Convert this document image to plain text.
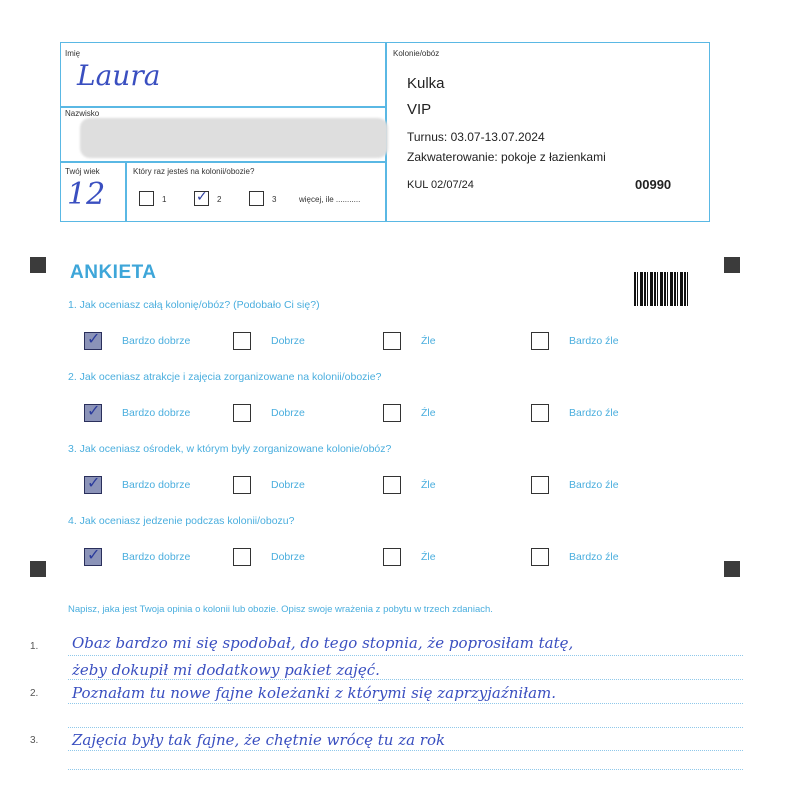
Imię
Laura
Nazwisko
Twój wiek
12
Który raz jesteś na kolonii/obozie?
1
✓	2	3	więcej, ile ...........
Kolonie/obóz
Kulka
VIP
Turnus: 03.07-13.07.2024
Zakwaterowanie: pokoje z łazienkami
KUL 02/07/24	00990
ANKIETA
1. Jak oceniasz całą kolonię/obóz? (Podobało Ci się?)
✓
Bardzo dobrze	Dobrze	Źle	Bardzo źle
2. Jak oceniasz atrakcje i zajęcia zorganizowane na kolonii/obozie?
✓
Bardzo dobrze	Dobrze	Źle	Bardzo źle
3. Jak oceniasz ośrodek, w którym były zorganizowane kolonie/obóz?
✓
Bardzo dobrze	Dobrze	Źle	Bardzo źle
4. Jak oceniasz jedzenie podczas kolonii/obozu?
✓
Bardzo dobrze	Dobrze	Źle	Bardzo źle
Napisz, jaka jest Twoja opinia o kolonii lub obozie. Opisz swoje wrażenia z pobytu w trzech zdaniach.
1.
2.
3.
Obaz bardzo mi się spodobał, do tego stopnia, że poprosiłam tatę,
żeby dokupił mi dodatkowy pakiet zajęć.
Poznałam tu nowe fajne koleżanki z którymi się zaprzyjaźniłam.
Zajęcia były tak fajne, że chętnie wrócę tu za rok
